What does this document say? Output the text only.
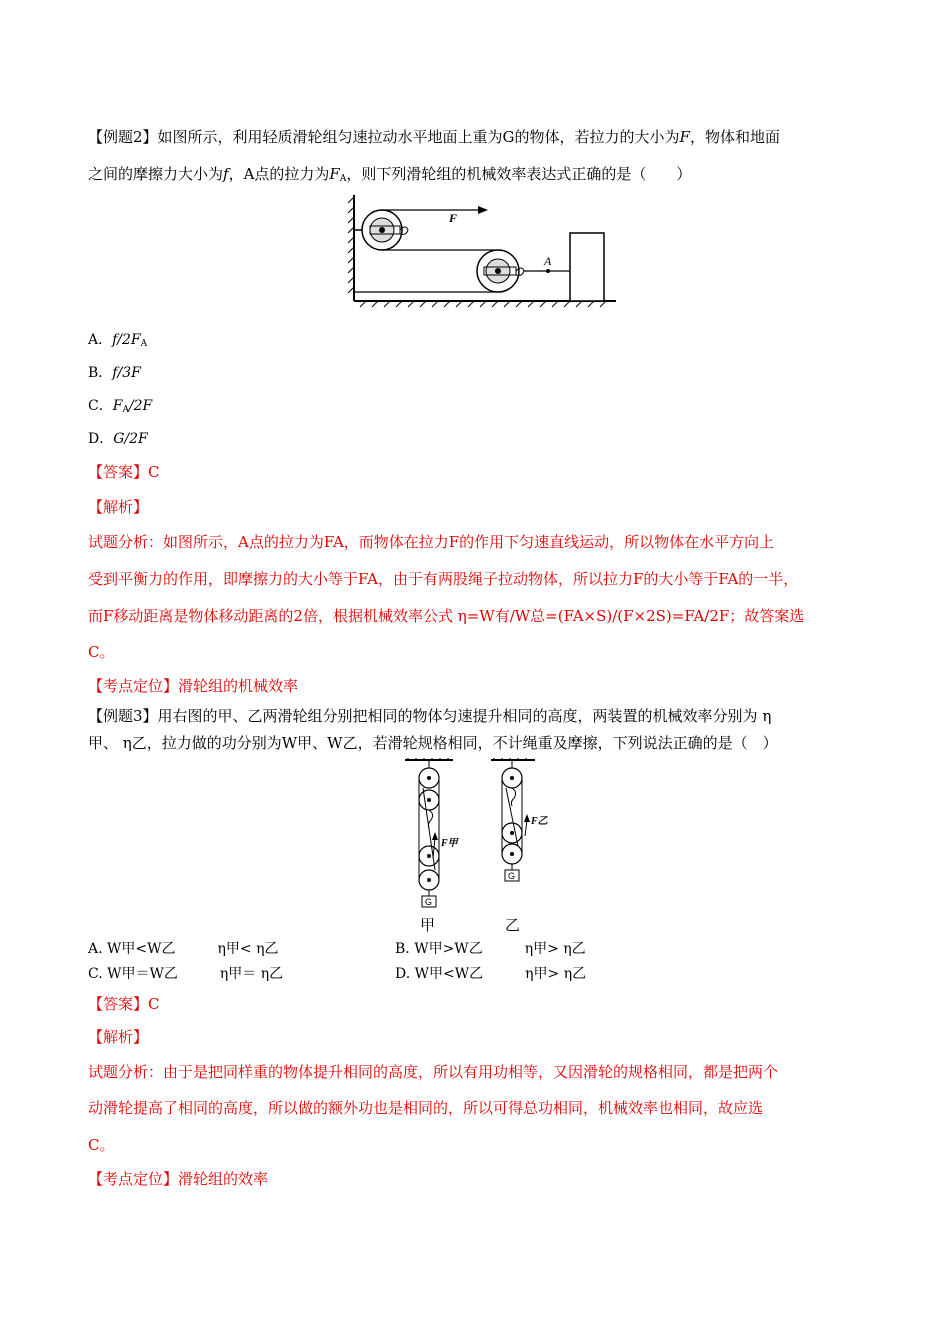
【例题2】如图所示，利用轻质滑轮组匀速拉动水平地面上重为G的物体，若拉力的大小为F，物体和地面
之间的摩擦力大小为f，A点的拉力为$F_A$，则下列滑轮组的机械效率表达式正确的是（　　）
F
A
A．$f/2F_A$
B．f/3F
C．$F_A/2F$
D．G/2F
【答案】C
【解析】
试题分析：如图所示，A点的拉力为FA，而物体在拉力F的作用下匀速直线运动，所以物体在水平方向上
受到平衡力的作用，即摩擦力的大小等于FA，由于有两股绳子拉动物体，所以拉力F的大小等于FA的一半，
而F移动距离是物体移动距离的2倍，根据机械效率公式 η=W有/W总=(FA×S)/(F×2S)=FA/2F；故答案选
C。
【考点定位】滑轮组的机械效率
【例题3】用右图的甲、乙两滑轮组分别把相同的物体匀速提升相同的高度，两装置的机械效率分别为 η
甲、 η乙，拉力做的功分别为W甲、W乙，若滑轮规格相同，不计绳重及摩擦，下列说法正确的是（　）
F甲
G
F乙
G
甲	乙
A. W甲<W乙　　　η甲< η乙	B. W甲>W乙　　　η甲> η乙
C. W甲＝W乙　　　η甲＝ η乙	D. W甲<W乙　　　η甲> η乙
【答案】C
【解析】
试题分析：由于是把同样重的物体提升相同的高度，所以有用功相等，又因滑轮的规格相同，都是把两个
动滑轮提高了相同的高度，所以做的额外功也是相同的，所以可得总功相同，机械效率也相同，故应选
C。
【考点定位】滑轮组的效率
